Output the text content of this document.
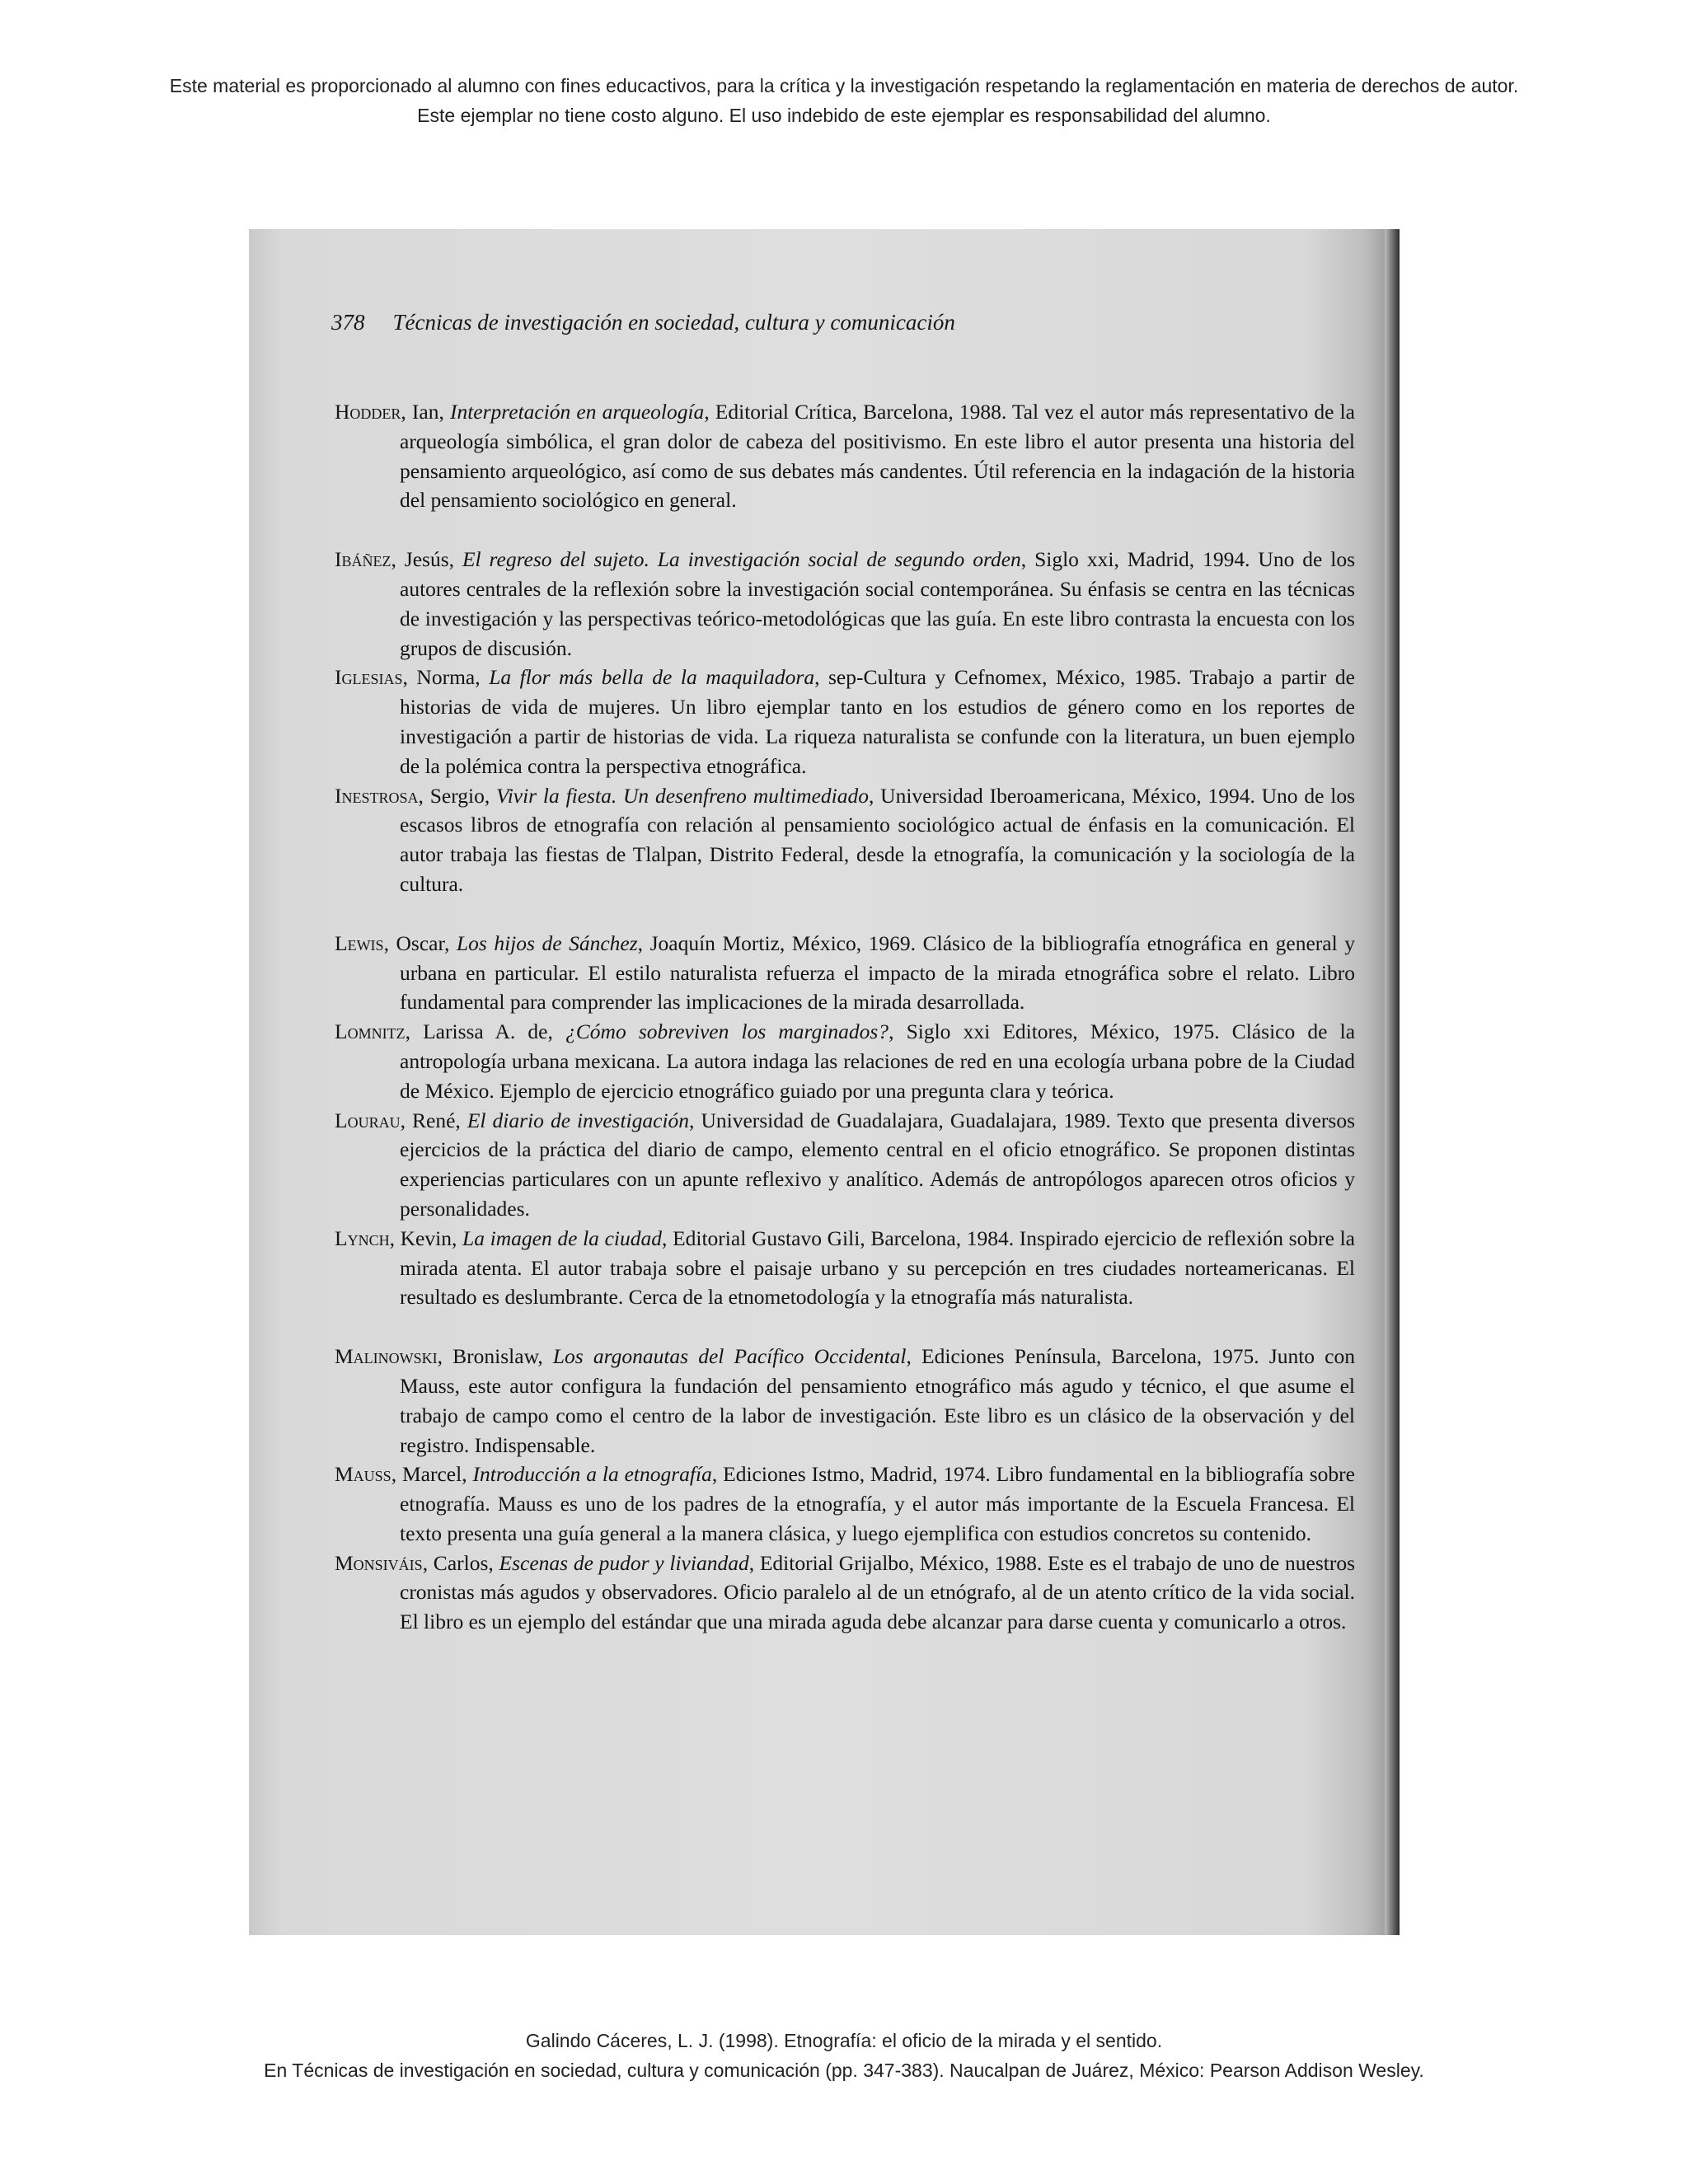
Este material es proporcionado al alumno con fines educactivos, para la crítica y la investigación respetando la reglamentación en materia de derechos de autor.
Este ejemplar no tiene costo alguno. El uso indebido de este ejemplar es responsabilidad del alumno.
378 Técnicas de investigación en sociedad, cultura y comunicación

Hodder, Ian, Interpretación en arqueología, Editorial Crítica, Barcelona, 1988. Tal vez el autor más representativo de la arqueología simbólica, el gran dolor de cabeza del positivismo. En este libro el autor presenta una historia del pensamiento arqueológico, así como de sus debates más candentes. Útil referencia en la indagación de la historia del pensamiento sociológico en general.

Ibáñez, Jesús, El regreso del sujeto. La investigación social de segundo orden, Siglo xxi, Madrid, 1994. Uno de los autores centrales de la reflexión sobre la investigación social contemporánea. Su énfasis se centra en las técnicas de investigación y las perspectivas teórico-metodológicas que las guía. En este libro contrasta la encuesta con los grupos de discusión.

Iglesias, Norma, La flor más bella de la maquiladora, sep-Cultura y Cefnomex, México, 1985. Trabajo a partir de historias de vida de mujeres. Un libro ejemplar tanto en los estudios de género como en los reportes de investigación a partir de historias de vida. La riqueza naturalista se confunde con la literatura, un buen ejemplo de la polémica contra la perspectiva etnográfica.

Inestrosa, Sergio, Vivir la fiesta. Un desenfreno multimediado, Universidad Iberoamericana, México, 1994. Uno de los escasos libros de etnografía con relación al pensamiento sociológico actual de énfasis en la comunicación. El autor trabaja las fiestas de Tlalpan, Distrito Federal, desde la etnografía, la comunicación y la sociología de la cultura.

Lewis, Oscar, Los hijos de Sánchez, Joaquín Mortiz, México, 1969. Clásico de la bibliografía etnográfica en general y urbana en particular. El estilo naturalista refuerza el impacto de la mirada etnográfica sobre el relato. Libro fundamental para comprender las implicaciones de la mirada desarrollada.

Lomnitz, Larissa A. de, ¿Cómo sobreviven los marginados?, Siglo xxi Editores, México, 1975. Clásico de la antropología urbana mexicana. La autora indaga las relaciones de red en una ecología urbana pobre de la Ciudad de México. Ejemplo de ejercicio etnográfico guiado por una pregunta clara y teórica.

Lourau, René, El diario de investigación, Universidad de Guadalajara, Guadalajara, 1989. Texto que presenta diversos ejercicios de la práctica del diario de campo, elemento central en el oficio etnográfico. Se proponen distintas experiencias particulares con un apunte reflexivo y analítico. Además de antropólogos aparecen otros oficios y personalidades.

Lynch, Kevin, La imagen de la ciudad, Editorial Gustavo Gili, Barcelona, 1984. Inspirado ejercicio de reflexión sobre la mirada atenta. El autor trabaja sobre el paisaje urbano y su percepción en tres ciudades norteamericanas. El resultado es deslumbrante. Cerca de la etnometodología y la etnografía más naturalista.

Malinowski, Bronislaw, Los argonautas del Pacífico Occidental, Ediciones Península, Barcelona, 1975. Junto con Mauss, este autor configura la fundación del pensamiento etnográfico más agudo y técnico, el que asume el trabajo de campo como el centro de la labor de investigación. Este libro es un clásico de la observación y del registro. Indispensable.

Mauss, Marcel, Introducción a la etnografía, Ediciones Istmo, Madrid, 1974. Libro fundamental en la bibliografía sobre etnografía. Mauss es uno de los padres de la etnografía, y el autor más importante de la Escuela Francesa. El texto presenta una guía general a la manera clásica, y luego ejemplifica con estudios concretos su contenido.

Monsiváis, Carlos, Escenas de pudor y liviandad, Editorial Grijalbo, México, 1988. Este es el trabajo de uno de nuestros cronistas más agudos y observadores. Oficio paralelo al de un etnógrafo, al de un atento crítico de la vida social. El libro es un ejemplo del estándar que una mirada aguda debe alcanzar para darse cuenta y comunicarlo a otros.

Galindo Cáceres, L. J. (1998). Etnografía: el oficio de la mirada y el sentido.
En Técnicas de investigación en sociedad, cultura y comunicación (pp. 347-383). Naucalpan de Juárez, México: Pearson Addison Wesley.
